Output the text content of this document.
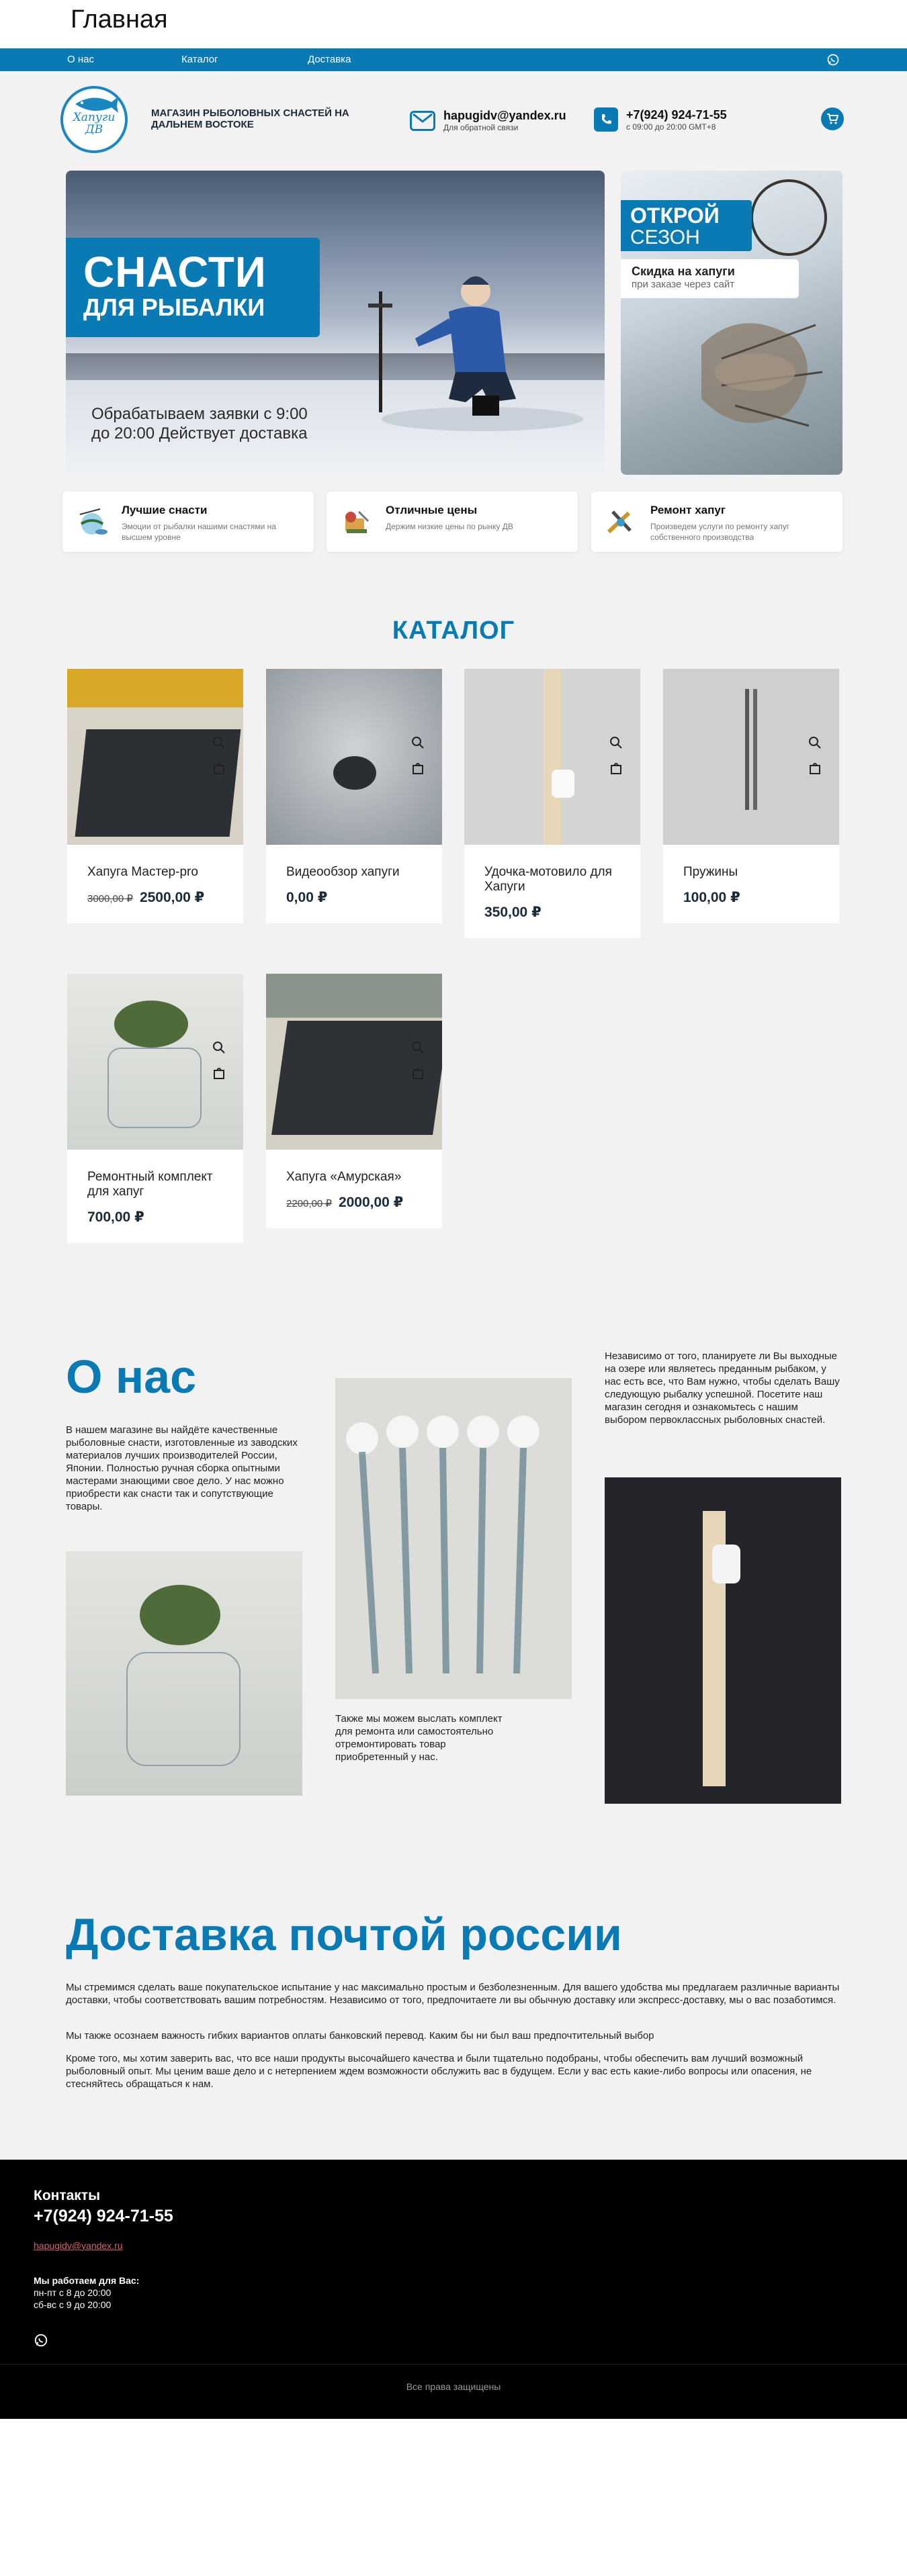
Главная
О нас	Каталог	Доставка
Хапуги
ДВ
МАГАЗИН РЫБОЛОВНЫХ СНАСТЕЙ НА ДАЛЬНЕМ ВОСТОКЕ
hapugidv@yandex.ru
Для обратной связи
+7(924) 924-71-55
с 09:00 до 20:00 GMT+8
СНАСТИ
ДЛЯ РЫБАЛКИ
Обрабатываем заявки с 9:00
до 20:00 Действует доставка
ОТКРОЙ
СЕЗОН
Скидка на хапуги
при заказе через сайт
Лучшие снасти
Эмоции от рыбалки нашими снастями на высшем уровне
Отличные цены
Держим низкие цены по рынку ДВ
Ремонт хапуг
Произведем услуги по ремонту хапуг собственного производства
КАТАЛОГ
Хапуга Мастер-pro
3000,00 ₽ 2500,00 ₽
Видеообзор хапуги
0,00 ₽
Удочка-мотовило для Хапуги
350,00 ₽
Пружины
100,00 ₽
Ремонтный комплект для хапуг
700,00 ₽
Хапуга «Амурская»
2200,00 ₽ 2000,00 ₽
О нас
В нашем магазине вы найдёте качественные рыболовные снасти, изготовленные из заводских материалов лучших производителей России, Японии. Полностью ручная сборка опытными мастерами знающими свое дело. У нас можно приобрести как снасти так и сопутствующие товары.
Также мы можем выслать комплект для ремонта или самостоятельно отремонтировать товар приобретенный у нас.
Независимо от того, планируете ли Вы выходные на озере или являетесь преданным рыбаком, у нас есть все, что Вам нужно, чтобы сделать Вашу следующую рыбалку успешной. Посетите наш магазин сегодня и ознакомьтесь с нашим выбором первоклассных рыболовных снастей.
Доставка почтой россии
Мы стремимся сделать ваше покупательское испытание у нас максимально простым и безболезненным. Для вашего удобства мы предлагаем различные варианты доставки, чтобы соответствовать вашим потребностям. Независимо от того, предпочитаете ли вы обычную доставку или экспресс-доставку, мы о вас позаботимся.
Мы также осознаем важность гибких вариантов оплаты банковский перевод. Каким бы ни был ваш предпочтительный выбор
Кроме того, мы хотим заверить вас, что все наши продукты высочайшего качества и были тщательно подобраны, чтобы обеспечить вам лучший возможный рыболовный опыт. Мы ценим ваше дело и с нетерпением ждем возможности обслужить вас в будущем. Если у вас есть какие-либо вопросы или опасения, не стесняйтесь обращаться к нам.
Контакты
+7(924) 924-71-55
hapugidv@yandex.ru
Мы работаем для Вас:
пн-пт с 8 до 20:00
сб-вс с 9 до 20:00
Все права защищены
